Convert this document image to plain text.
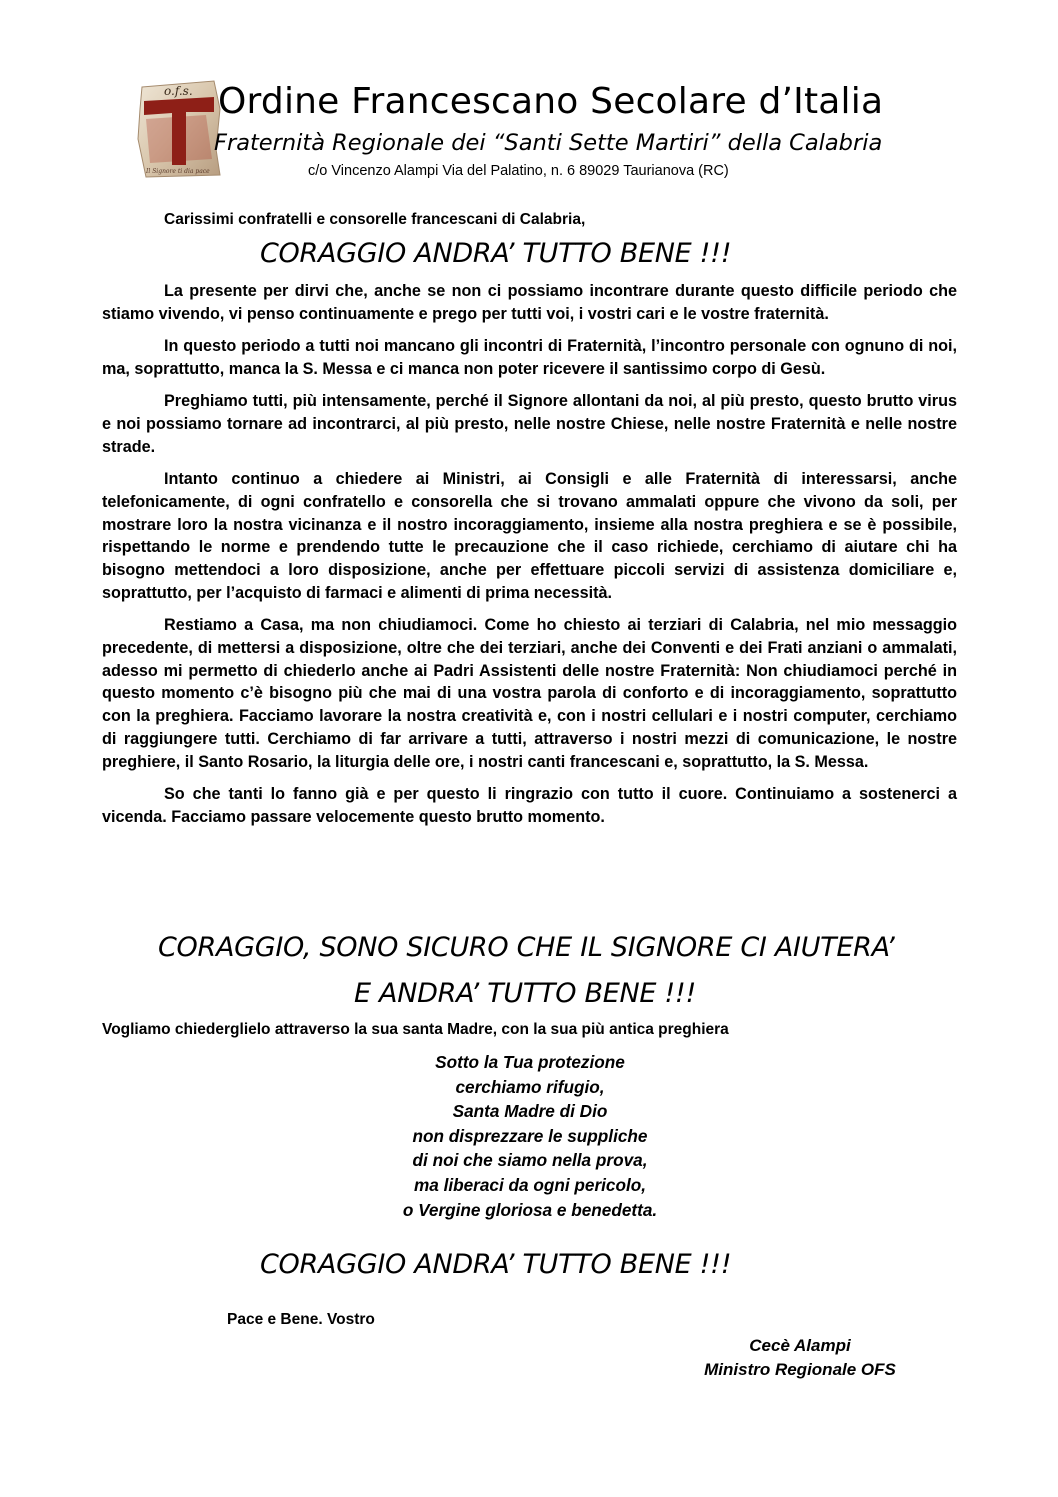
o.f.s.
Il Signore ti dia pace
Ordine Francescano Secolare d’Italia
Fraternità Regionale dei “Santi Sette Martiri” della Calabria
c/o Vincenzo Alampi Via del Palatino, n. 6 89029 Taurianova (RC)
Carissimi confratelli e consorelle francescani di Calabria,
CORAGGIO ANDRA’ TUTTO BENE !!!

La presente per dirvi che, anche se non ci possiamo incontrare durante questo difficile periodo che stiamo vivendo, vi penso continuamente e prego per tutti voi, i vostri cari e le vostre fraternità.

In questo periodo a tutti noi mancano gli incontri di Fraternità, l’incontro personale con ognuno di noi, ma, soprattutto, manca la S. Messa e ci manca non poter ricevere il santissimo corpo di Gesù.

Preghiamo tutti, più intensamente, perché il Signore allontani da noi, al più presto, questo brutto virus e noi possiamo tornare ad incontrarci, al più presto, nelle nostre Chiese, nelle nostre Fraternità e nelle nostre strade.

Intanto continuo a chiedere ai Ministri, ai Consigli e alle Fraternità di interessarsi, anche telefonicamente, di ogni confratello e consorella che si trovano ammalati oppure che vivono da soli, per mostrare loro la nostra vicinanza e il nostro incoraggiamento, insieme alla nostra preghiera e se è possibile, rispettando le norme e prendendo tutte le precauzione che il caso richiede, cerchiamo di aiutare chi ha bisogno mettendoci a loro disposizione, anche per effettuare piccoli servizi di assistenza domiciliare e, soprattutto, per l’acquisto di farmaci e alimenti di prima necessità.

Restiamo a Casa, ma non chiudiamoci. Come ho chiesto ai terziari di Calabria, nel mio messaggio precedente, di mettersi a disposizione, oltre che dei terziari, anche dei Conventi e dei Frati anziani o ammalati, adesso mi permetto di chiederlo anche ai Padri Assistenti delle nostre Fraternità: Non chiudiamoci perché in questo momento c’è bisogno più che mai di una vostra parola di conforto e di incoraggiamento, soprattutto con la preghiera. Facciamo lavorare la nostra creatività e, con i nostri cellulari e i nostri computer, cerchiamo di raggiungere tutti. Cerchiamo di far arrivare a tutti, attraverso i nostri mezzi di comunicazione, le nostre preghiere, il Santo Rosario, la liturgia delle ore, i nostri canti francescani e, soprattutto, la S. Messa.

So che tanti lo fanno già e per questo li ringrazio con tutto il cuore. Continuiamo a sostenerci a vicenda. Facciamo passare velocemente questo brutto momento.

CORAGGIO, SONO SICURO CHE IL SIGNORE CI AIUTERA’
E ANDRA’ TUTTO BENE !!!
Vogliamo chiederglielo attraverso la sua santa Madre, con la sua più antica preghiera
Sotto la Tua protezione
cerchiamo rifugio,
Santa Madre di Dio
non disprezzare le suppliche
di noi che siamo nella prova,
ma liberaci da ogni pericolo,
o Vergine gloriosa e benedetta.
CORAGGIO ANDRA’ TUTTO BENE !!!
Pace e Bene. Vostro
Cecè Alampi
Ministro Regionale OFS
